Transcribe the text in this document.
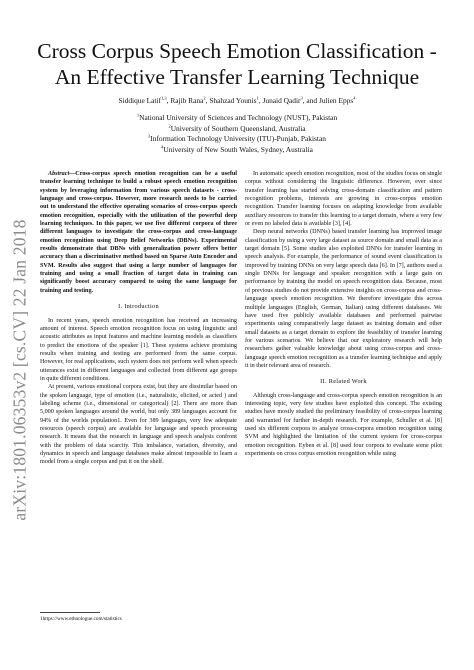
arXiv:1801.06353v2 [cs.CV] 22 Jan 2018
Cross Corpus Speech Emotion Classification - An Effective Transfer Learning Technique
Siddique Latif$^{1,3}$, Rajib Rana$^2$, Shahzad Younis$^1$, Junaid Qadir$^3$, and Julien Epps$^4$
$^1$National University of Sciences and Technology (NUST), Pakistan
$^2$University of Southern Queensland, Australia
$^3$Information Technology University (ITU)-Punjab, Pakistan
$^4$University of New South Wales, Sydney, Australia

Abstract—Cross-corpus speech emotion recognition can be a useful transfer learning technique to build a robust speech emotion recognition system by leveraging information from various speech datasets - cross-language and cross-corpus. However, more research needs to be carried out to understand the effective operating scenarios of cross-corpus speech emotion recognition, especially with the utilization of the powerful deep learning techniques. In this paper, we use five different corpora of three different languages to investigate the cross-corpus and cross-language emotion recognition using Deep Belief Networks (DBNs). Experimental results demonstrate that DBNs with generalization power offers better accuracy than a discriminative method based on Sparse Auto Encoder and SVM. Results also suggest that using a large number of languages for training and using a small fraction of target data in training can significantly boost accuracy compared to using the same language for training and testing.

I. Introduction

In recent years, speech emotion recognition has received an increasing amount of interest. Speech emotion recognition focus on using linguistic and acoustic attributes as input features and machine learning models as classifiers to predict the emotions of the speaker [1]. These systems achieve promising results when training and testing are performed from the same corpus. However, for real applications, such system does not perform well when speech utterances exist in different languages and collected from different age groups in quite different conditions.

At present, various emotional corpora exist, but they are dissimilar based on the spoken language, type of emotion (i.e., naturalistic, elicited, or acted ) and labeling scheme (i.e., dimensional or categorical) [2]. There are more than 5,000 spoken languages around the world, but only 389 languages account for 94% of the worlds population1. Even for 389 languages, very few adequate resources (speech corpus) are available for language and speech processing research. It means that the research in language and speech analysis confront with the problem of data scarcity. This imbalance, variation, diversity, and dynamics in speech and language databases make almost impossible to learn a model from a single corpus and put it on the shelf.

In automatic speech emotion recognition, most of the studies focus on single corpus without considering the linguistic difference. However, ever since transfer learning has started solving cross-domain classification and pattern recognition problems, interests are growing in cross-corpus emotion recognition. Transfer learning focuses on adapting knowledge from available auxiliary resources to transfer this learning to a target domain, where a very few or even no labeled data is available [3], [4].

Deep neural networks (DNNs) based transfer learning has improved image classification by using a very large dataset as source domain and small data as a target domain [5]. Some studies also exploited DNNs for transfer learning in speech analysis. For example, the performance of sound event classification is improved by training DNNs on very large speech data [6]. In [7], authors used a single DNNs for language and speaker recognition with a large gain on performance by training the model on speech recognition data. Because, most of previous studies do not provide extensive insights on cross-corpus and cross-language speech emotion recognition. We therefore investigate this across multiple languages (English, German, Italian) using different databases. We have used five publicly available databases and performed pairwise experiments using comparatively large dataset as training domain and other small datasets as a target domain to explore the feasibility of transfer learning for various scenarios. We believe that our exploratory research will help researchers gather valuable knowledge about using cross-corpus and cross-language speech emotion recognition as a transfer learning technique and apply it in their relevant area of research.

II. Related Work

Although cross-language and cross-corpus speech emotion recognition is an interesting topic, very few studies have exploited this concept. The existing studies have mostly studied the preliminary feasibility of cross-corpus learning and warranted for further in-depth research. For example, Schuller et al. [8] used six different corpora to analyze cross-corpora emotion recognition using SVM and highlighted the limitation of the current system for cross-corpus emotion recognition. Eyben et al. [8] used four corpora to evaluate some pilot experiments on cross corpus emotion recognition while using

1https://www.ethnologue.com/statistics
